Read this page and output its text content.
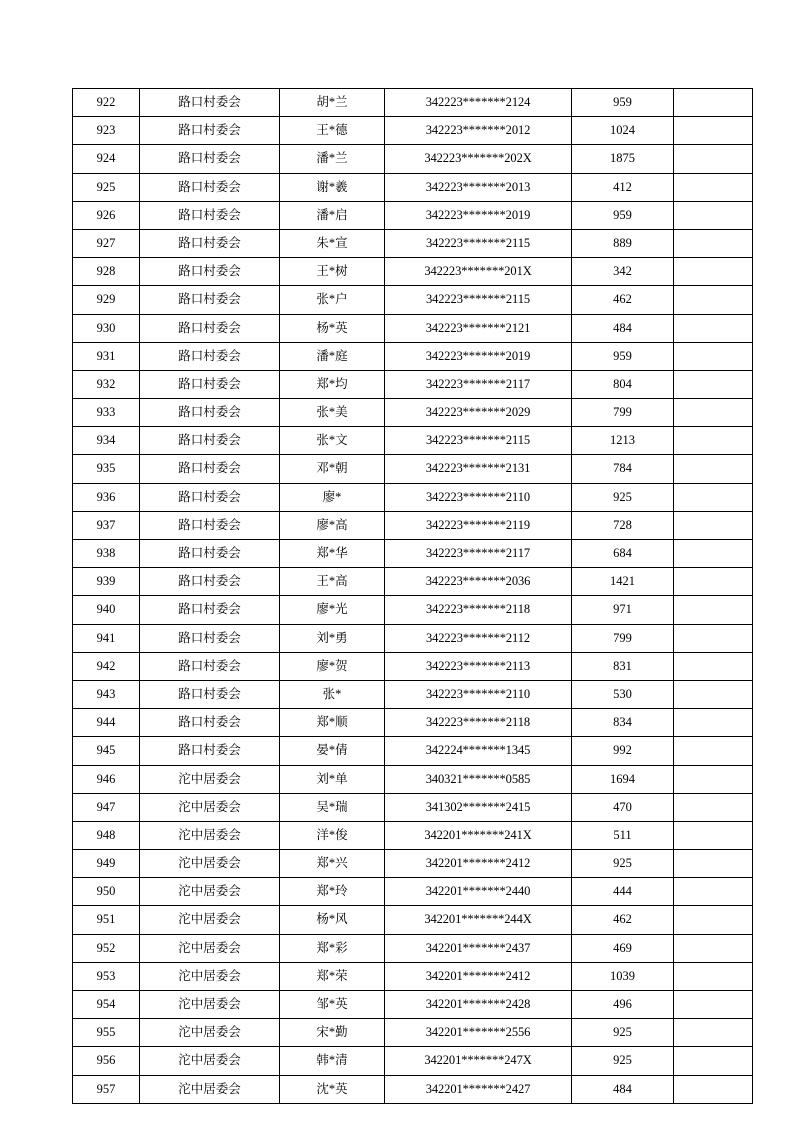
922	路口村委会	胡*兰	342223*******2124	959	
923	路口村委会	王*德	342223*******2012	1024	
924	路口村委会	潘*兰	342223*******202X	1875	
925	路口村委会	谢*羲	342223*******2013	412	
926	路口村委会	潘*启	342223*******2019	959	
927	路口村委会	朱*宣	342223*******2115	889	
928	路口村委会	王*树	342223*******201X	342	
929	路口村委会	张*户	342223*******2115	462	
930	路口村委会	杨*英	342223*******2121	484	
931	路口村委会	潘*庭	342223*******2019	959	
932	路口村委会	郑*均	342223*******2117	804	
933	路口村委会	张*美	342223*******2029	799	
934	路口村委会	张*文	342223*******2115	1213	
935	路口村委会	邓*朝	342223*******2131	784	
936	路口村委会	廖*	342223*******2110	925	
937	路口村委会	廖*高	342223*******2119	728	
938	路口村委会	郑*华	342223*******2117	684	
939	路口村委会	王*高	342223*******2036	1421	
940	路口村委会	廖*光	342223*******2118	971	
941	路口村委会	刘*勇	342223*******2112	799	
942	路口村委会	廖*贺	342223*******2113	831	
943	路口村委会	张*	342223*******2110	530	
944	路口村委会	郑*顺	342223*******2118	834	
945	路口村委会	晏*倩	342224*******1345	992	
946	沱中居委会	刘*单	340321*******0585	1694	
947	沱中居委会	吴*瑞	341302*******2415	470	
948	沱中居委会	洋*俊	342201*******241X	511	
949	沱中居委会	郑*兴	342201*******2412	925	
950	沱中居委会	郑*玲	342201*******2440	444	
951	沱中居委会	杨*风	342201*******244X	462	
952	沱中居委会	郑*彩	342201*******2437	469	
953	沱中居委会	郑*荣	342201*******2412	1039	
954	沱中居委会	邹*英	342201*******2428	496	
955	沱中居委会	宋*勤	342201*******2556	925	
956	沱中居委会	韩*清	342201*******247X	925	
957	沱中居委会	沈*英	342201*******2427	484	
